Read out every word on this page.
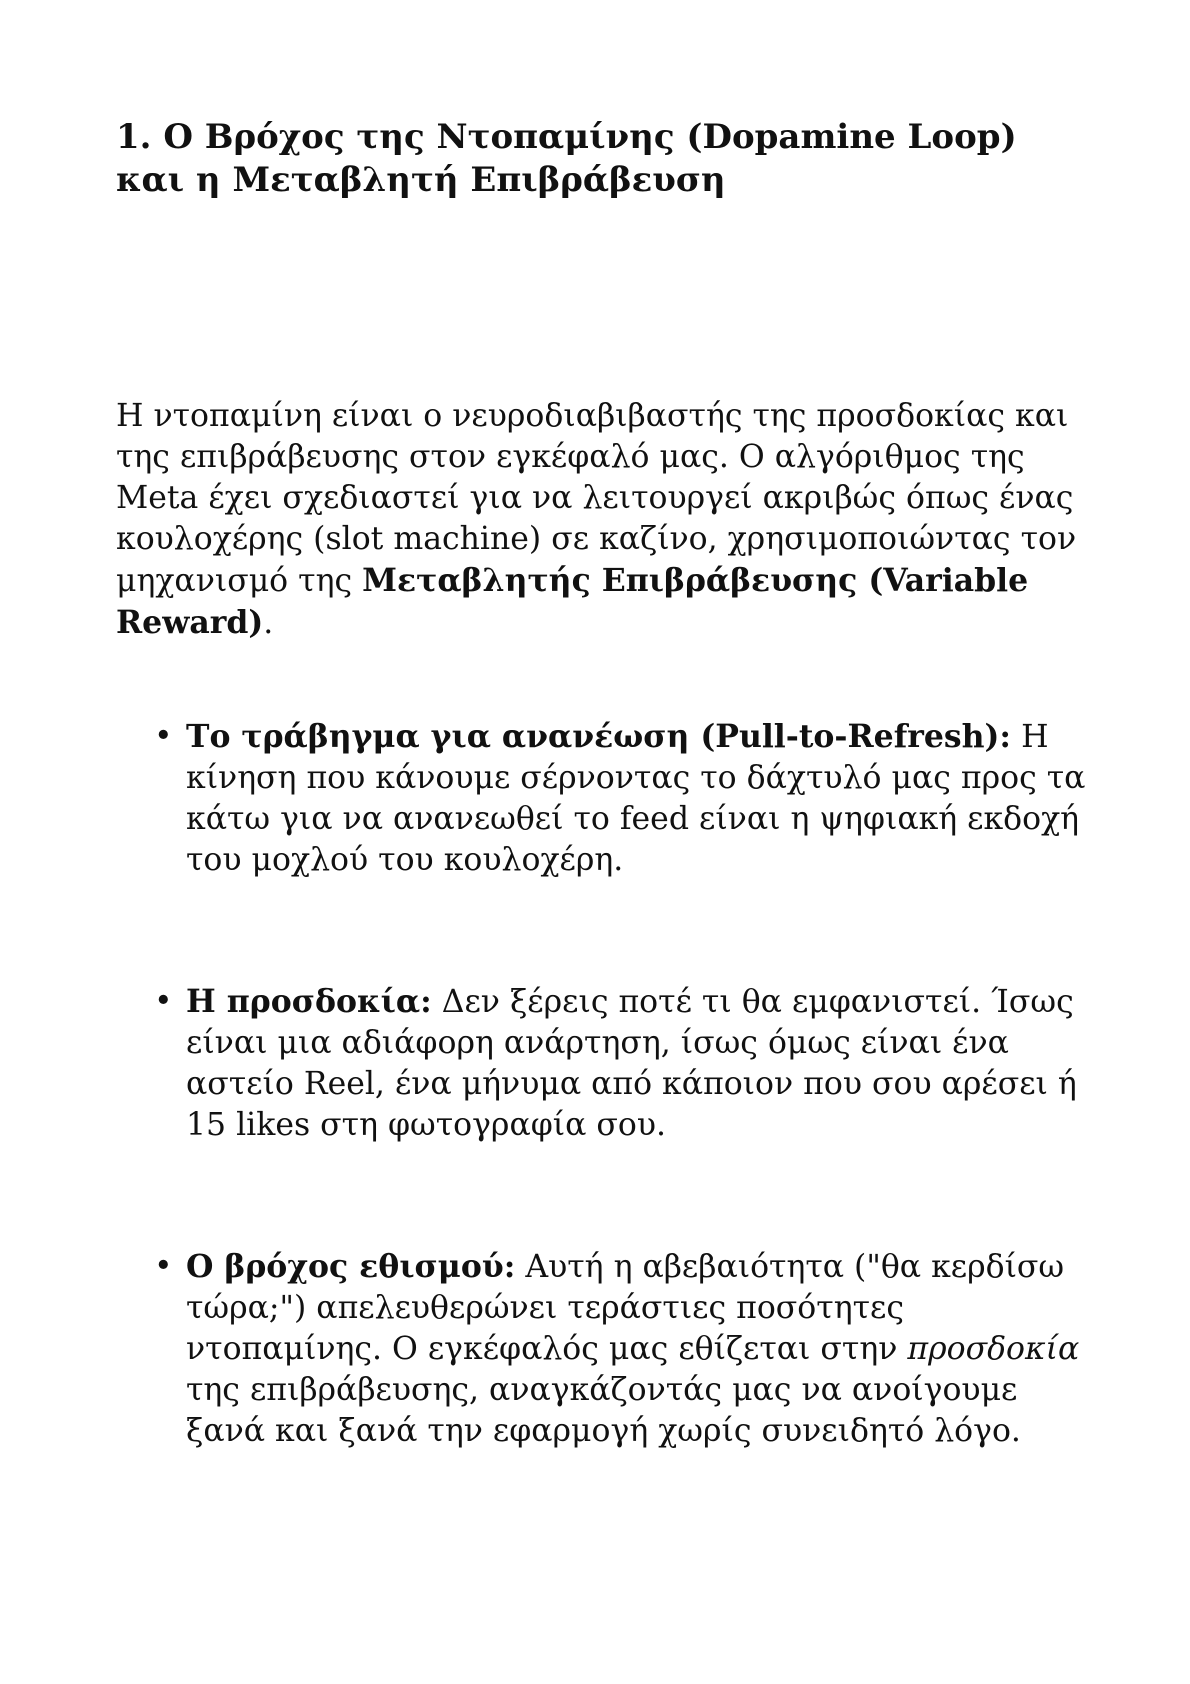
1. Ο Βρόχος της Ντοπαμίνης (Dopamine Loop) και η Μεταβλητή Επιβράβευση

Η ντοπαμίνη είναι ο νευροδιαβιβαστής της προσδοκίας και της επιβράβευσης στον εγκέφαλό μας. Ο αλγόριθμος της Meta έχει σχεδιαστεί για να λειτουργεί ακριβώς όπως ένας κουλοχέρης (slot machine) σε καζίνο, χρησιμοποιώντας τον μηχανισμό της Μεταβλητής Επιβράβευσης (Variable Reward).

• Το τράβηγμα για ανανέωση (Pull-to-Refresh): Η κίνηση που κάνουμε σέρνοντας το δάχτυλό μας προς τα κάτω για να ανανεωθεί το feed είναι η ψηφιακή εκδοχή του μοχλού του κουλοχέρη.
• Η προσδοκία: Δεν ξέρεις ποτέ τι θα εμφανιστεί. Ίσως είναι μια αδιάφορη ανάρτηση, ίσως όμως είναι ένα αστείο Reel, ένα μήνυμα από κάποιον που σου αρέσει ή 15 likes στη φωτογραφία σου.
• Ο βρόχος εθισμού: Αυτή η αβεβαιότητα ("θα κερδίσω τώρα;") απελευθερώνει τεράστιες ποσότητες ντοπαμίνης. Ο εγκέφαλός μας εθίζεται στην προσδοκία της επιβράβευσης, αναγκάζοντάς μας να ανοίγουμε ξανά και ξανά την εφαρμογή χωρίς συνειδητό λόγο.
